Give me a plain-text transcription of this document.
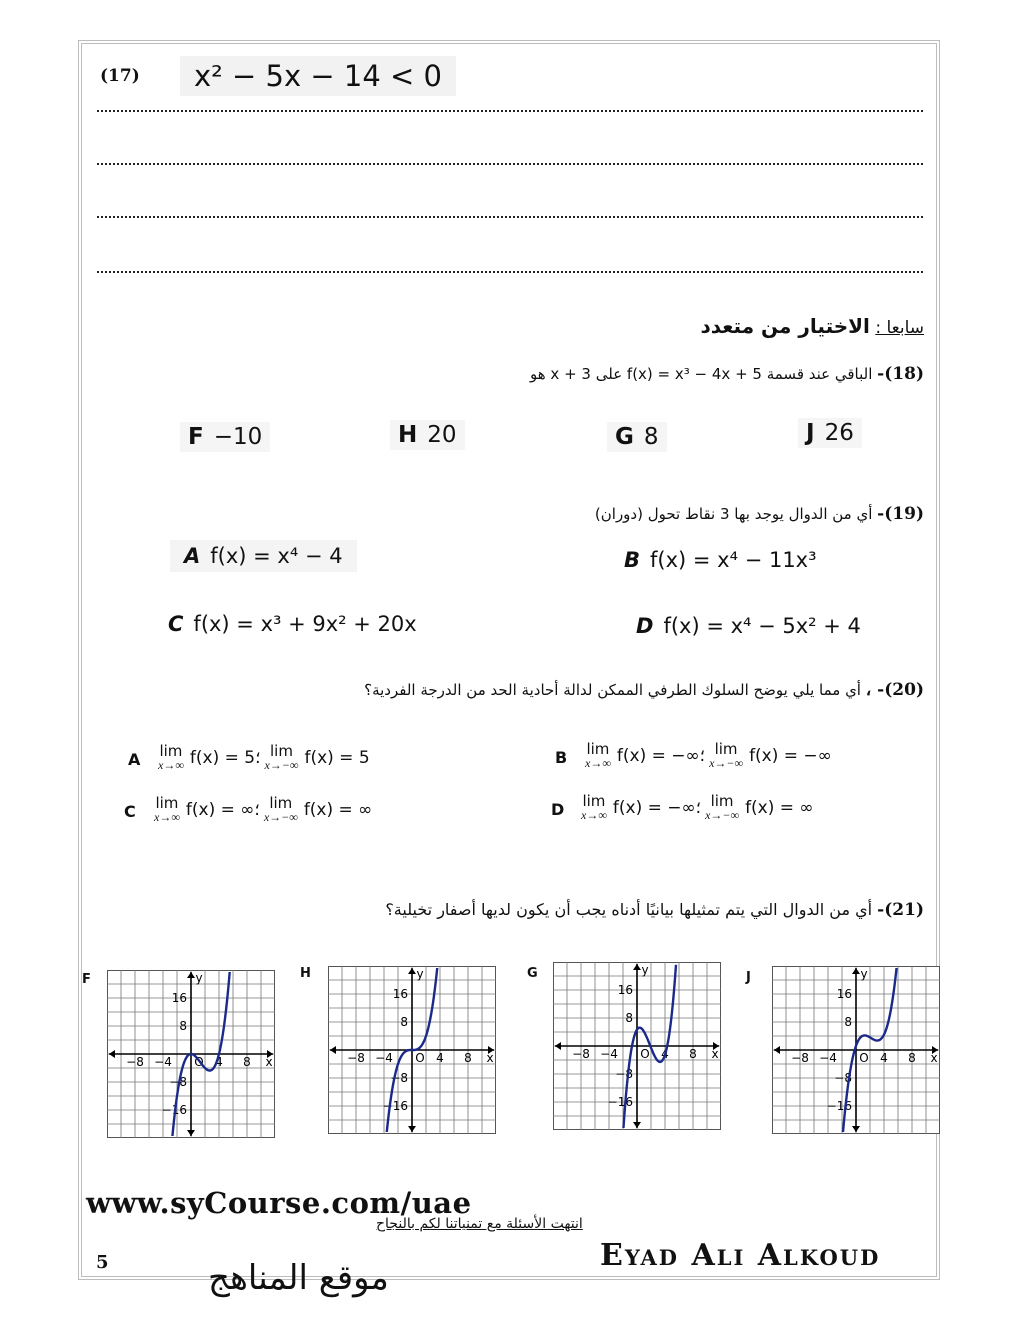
(17)	x² − 5x − 14 < 0
سابعا : الاختيار من متعدد
(18)- الباقي عند قسمة f(x) = x³ − 4x + 5 على x + 3 هو
F −10	H 20	G 8	J 26
(19)- أي من الدوال يوجد بها 3 نقاط تحول (دوران)
A f(x) = x⁴ − 4	B f(x) = x⁴ − 11x³
C f(x) = x³ + 9x² + 20x	D f(x) = x⁴ − 5x² + 4
(20)- ، أي مما يلي يوضح السلوك الطرفي الممكن لدالة أحادية الحد من الدرجة الفردية؟
A	lim
x→∞ f(x) = 5؛ lim
x→−∞ f(x) = 5	B	lim
x→∞ f(x) = −∞؛ lim
x→−∞ f(x) = −∞
C	lim
x→∞ f(x) = ∞؛ lim
x→−∞ f(x) = ∞	D	lim
x→∞ f(x) = −∞؛ lim
x→−∞ f(x) = ∞
(21)- أي من الدوال التي يتم تمثيلها بيانيًا أدناه يجب أن يكون لديها أصفار تخيلية؟
F	H	G	J
−8 −4	4 8
16
8
−8
−16
O	x
y
−8 −4	4 8
16
8
−8
−16
O	x
y
−8 −4	4 8
16
8
−8
−16
O	x
y
−8 −4	4 8
16
8
−8
−16
O	x
y
www.syCourse.com/uae
انتهت الأسئلة مع تمنياتنا لكم بالنجاح
5	Eyad Ali Alkoud
موقع المناهج
